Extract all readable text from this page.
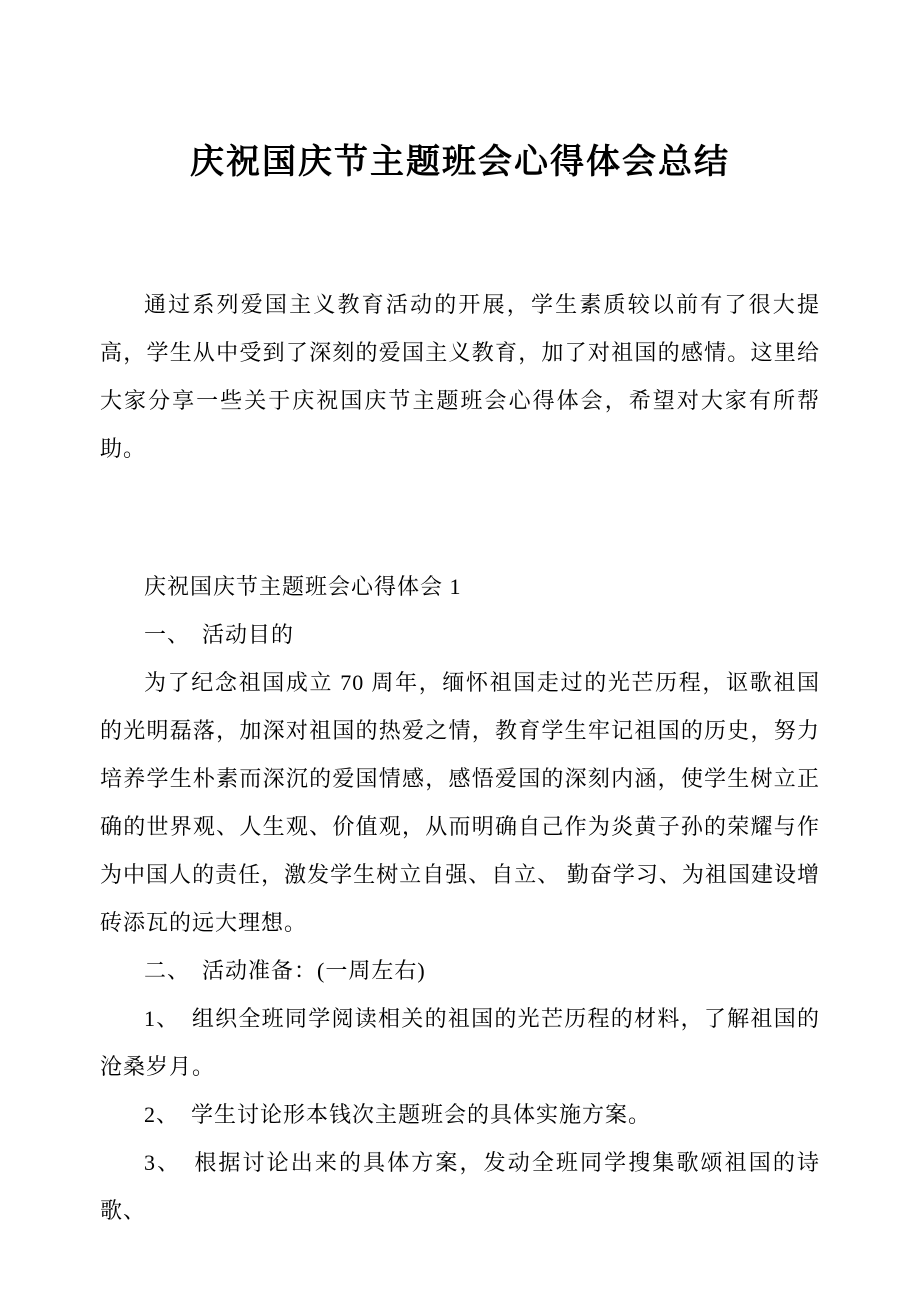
庆祝国庆节主题班会心得体会总结

通过系列爱国主义教育活动的开展，学生素质较以前有了很大提高，学生从中受到了深刻的爱国主义教育，加了对祖国的感情。这里给大家分享一些关于庆祝国庆节主题班会心得体会，希望对大家有所帮助。

庆祝国庆节主题班会心得体会 1

一、　活动目的

为了纪念祖国成立 70 周年，缅怀祖国走过的光芒历程，讴歌祖国的光明磊落，加深对祖国的热爱之情，教育学生牢记祖国的历史，努力培养学生朴素而深沉的爱国情感，感悟爱国的深刻内涵，使学生树立正确的世界观、人生观、价值观，从而明确自己作为炎黄子孙的荣耀与作为中国人的责任，激发学生树立自强、自立、 勤奋学习、为祖国建设增砖添瓦的远大理想。

二、　活动准备：(一周左右)

1、　组织全班同学阅读相关的祖国的光芒历程的材料，了解祖国的沧桑岁月。

2、　学生讨论形本钱次主题班会的具体实施方案。

3、　根据讨论出来的具体方案，发动全班同学搜集歌颂祖国的诗歌、
